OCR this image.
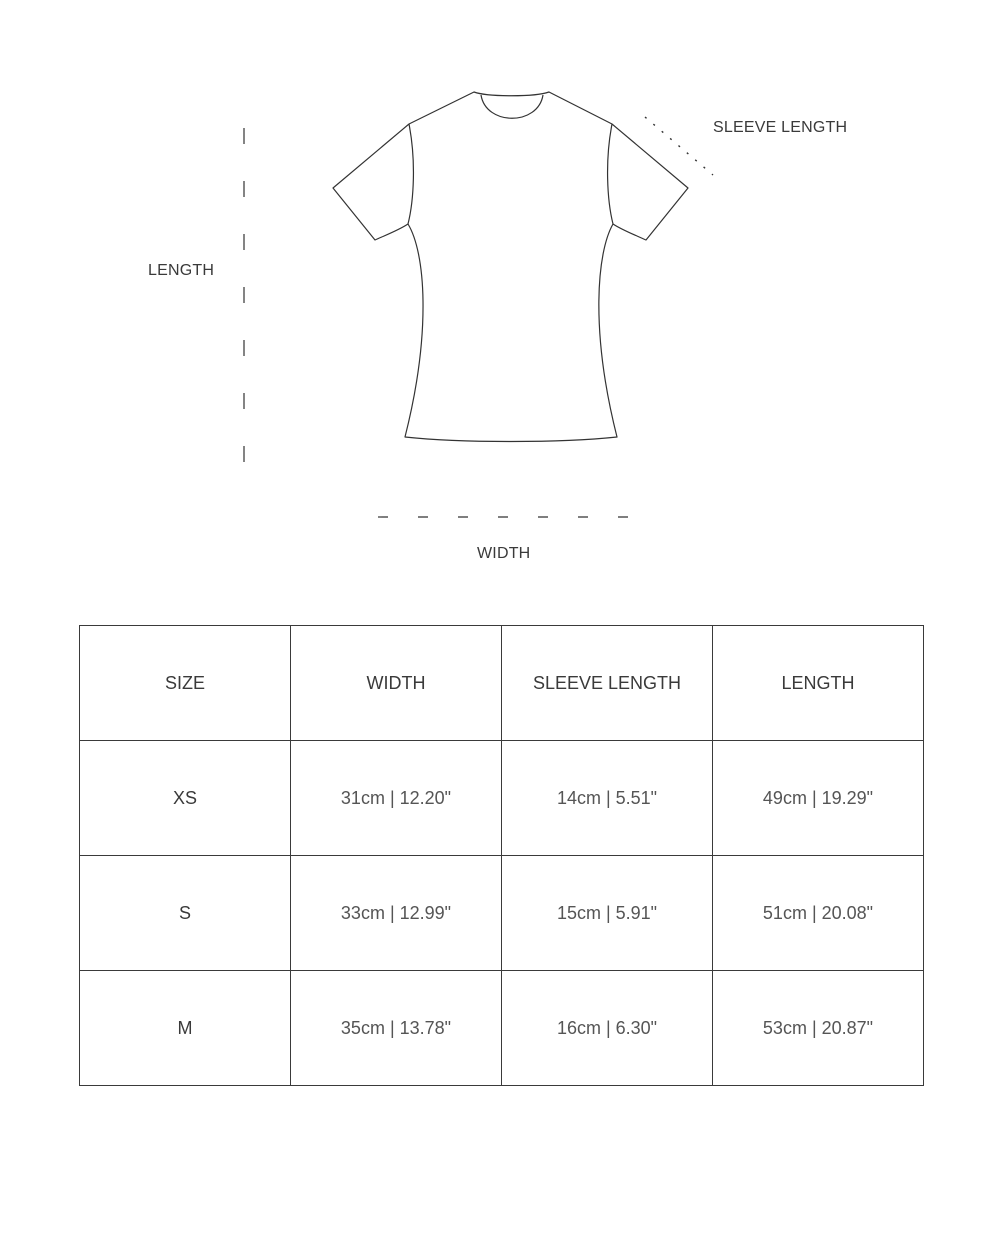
SLEEVE LENGTH
LENGTH
WIDTH
SIZE	WIDTH	SLEEVE LENGTH	LENGTH
XS	31cm | 12.20"	14cm | 5.51"	49cm | 19.29"
S	33cm | 12.99"	15cm | 5.91"	51cm | 20.08"
M	35cm | 13.78"	16cm | 6.30"	53cm | 20.87"
